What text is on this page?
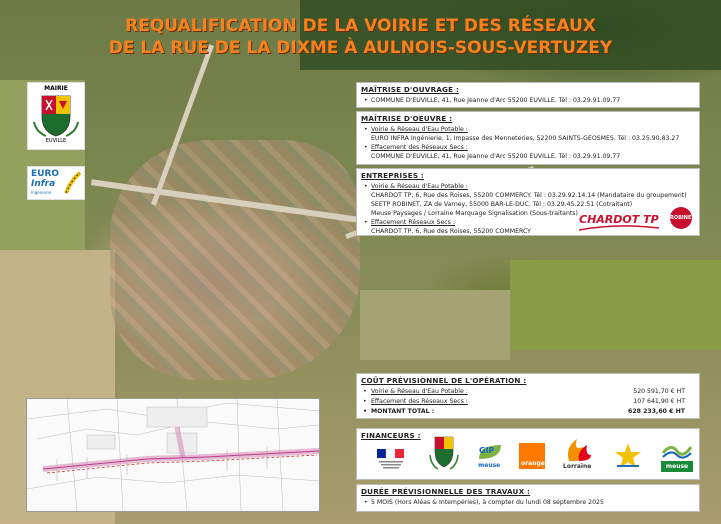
REQUALIFICATION DE LA VOIRIE ET DES RÉSEAUX
DE LA RUE DE LA DIXME À AULNOIS-SOUS-VERTUZEY
MAIRIE
EUVILLE
EURO
Infra
Ingénierie
MAÎTRISE D'OUVRAGE :
• COMMUNE D'EUVILLE, 41, Rue Jeanne d'Arc 55200 EUVILLE. Tél : 03.29.91.09.77
MAÎTRISE D'OEUVRE :
• Voirie & Réseau d'Eau Potable :
EURO INFRA Ingénierie, 1, Impasse des Menneteries, 52200 SAINTS-GEOSMES. Tél : 03.25.90.83.27
• Effacement des Réseaux Secs :
COMMUNE D'EUVILLE, 41, Rue Jeanne d'Arc 55200 EUVILLE. Tél : 03.29.91.09.77
ENTREPRISES :
• Voirie & Réseau d'Eau Potable :
CHARDOT TP, 6, Rue des Roises, 55200 COMMERCY. Tél : 03.29.92.14.14 (Mandataire du groupement)
SEETP ROBINET, ZA de Varney, 55000 BAR-LE-DUC. Tél : 03.29.45.22.51 (Cotraitant)
Meuse Paysages / Lorraine Marquage Signalisation (Sous-traitants)
• Effacement Réseaux Secs :
CHARDOT TP, 6, Rue des Roises, 55200 COMMERCY
CHARDOT TP ROBINET
COÛT PRÉVISIONNEL DE L'OPÉRATION :
• Voirie & Réseau d'Eau Potable :	520 591,70 € HT
• Effacement des Réseaux Secs :	107 641,90 € HT
• MONTANT TOTAL :	628 233,60 € HT
FINANCEURS :
GIP
meuse	orange	Lorraine	meuse
DURÉE PRÉVISIONNELLE DES TRAVAUX :
• 5 MOIS (Hors Aléas & Intempéries), à compter du lundi 08 septembre 2025
